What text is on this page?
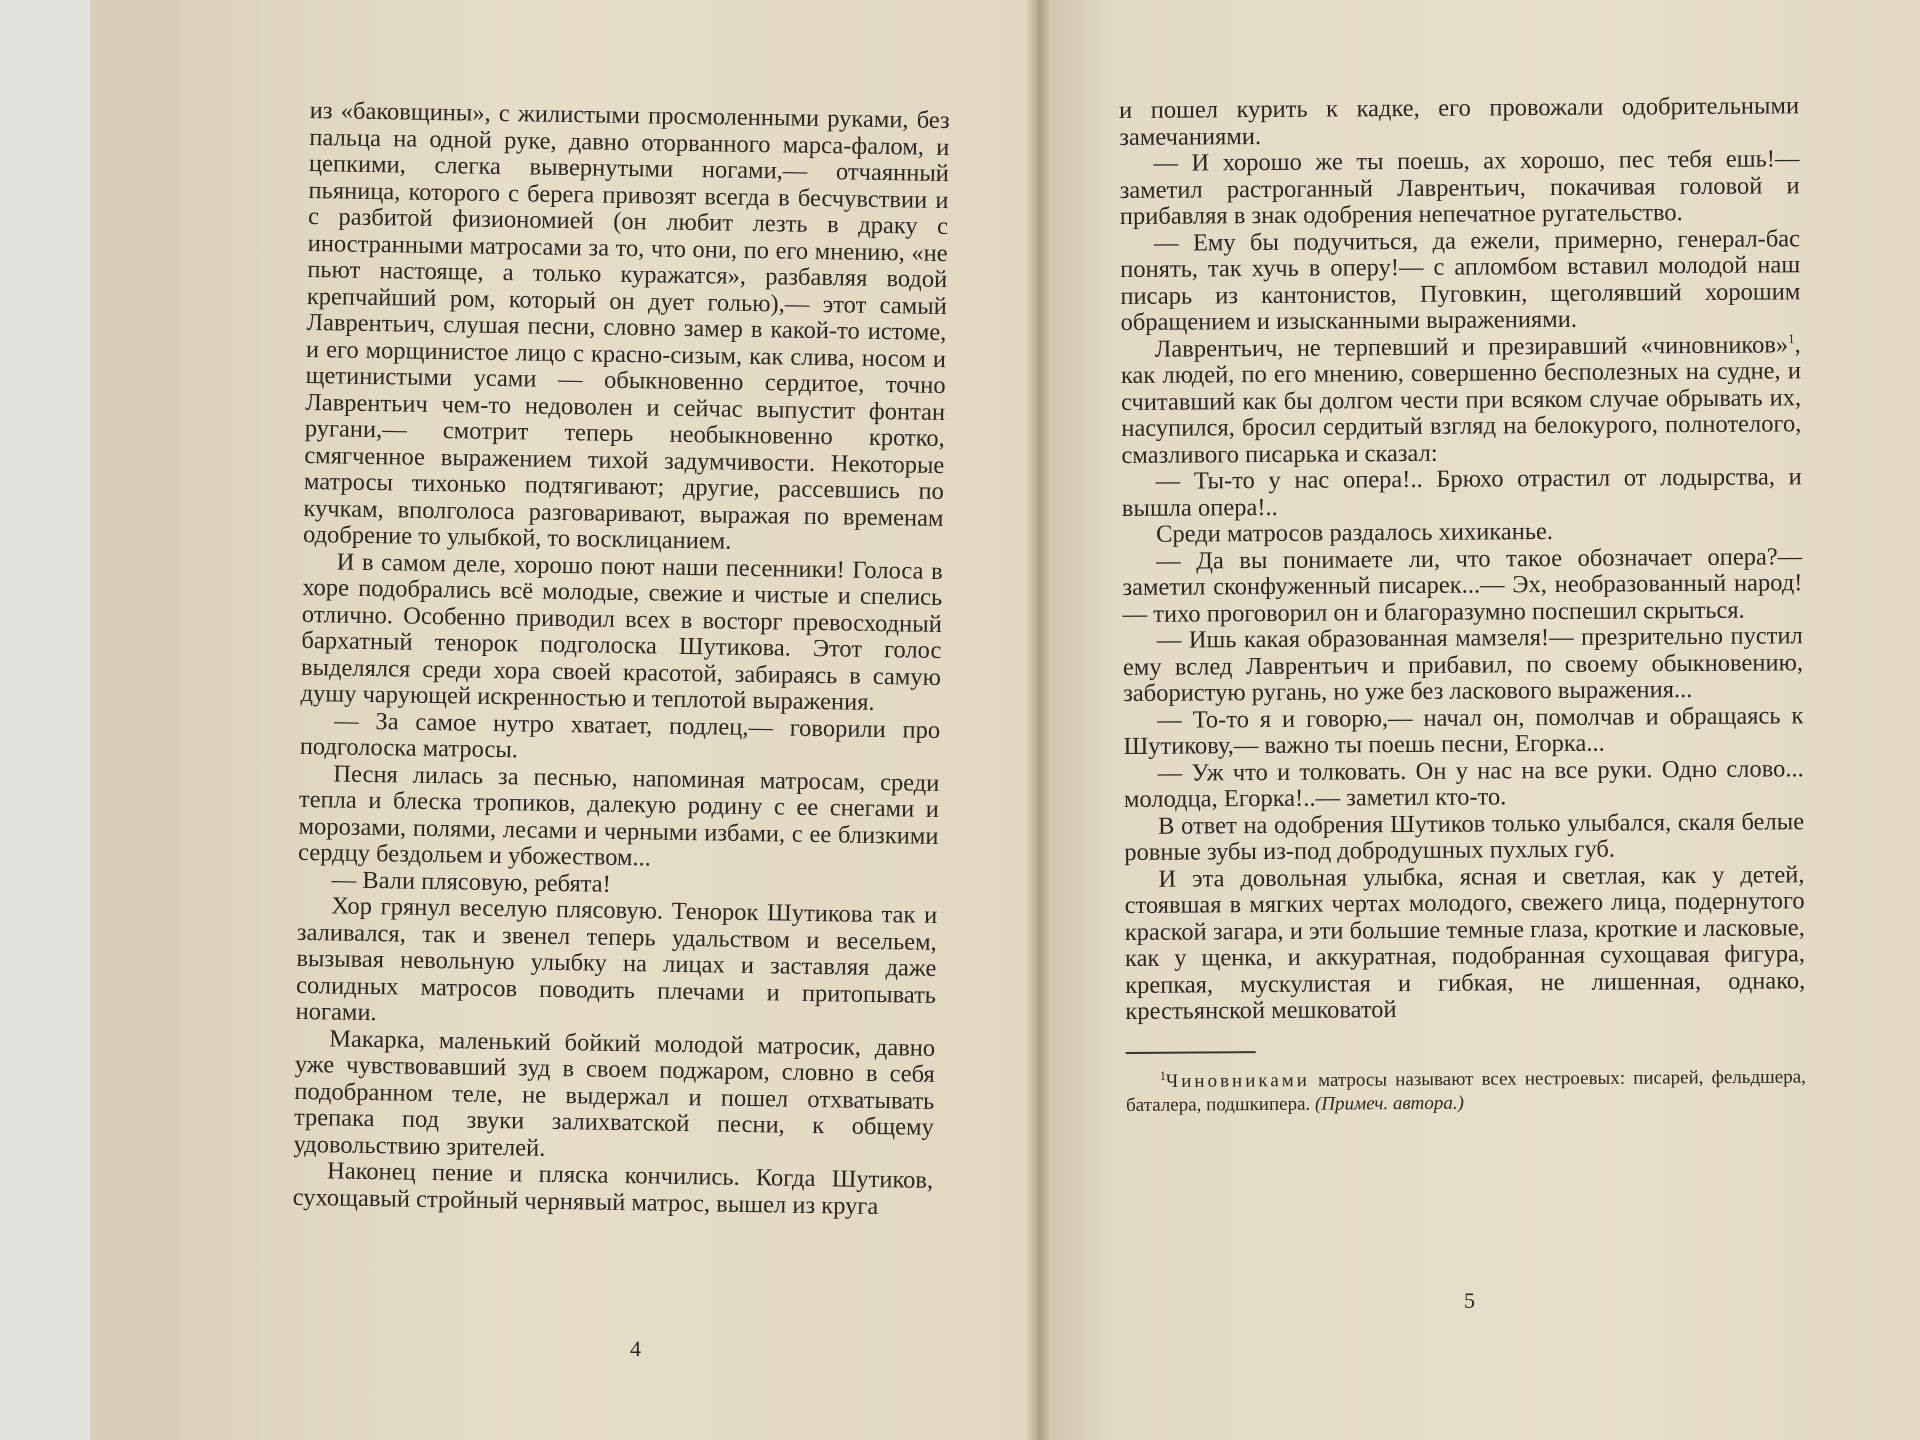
из «баковщины», с жилистыми просмоленными руками, без пальца на одной руке, давно оторванного марса-фалом, и цепкими, слегка вывернутыми ногами,— отчаянный пьяница, которого с берега привозят всегда в бесчувствии и с разбитой физиономией (он любит лезть в драку с иностранными матросами за то, что они, по его мнению, «не пьют настояще, а только куражатся», разбавляя водой крепчайший ром, который он дует голью),— этот самый Лаврентьич, слушая песни, словно замер в какой-то истоме, и его морщинистое лицо с красно-сизым, как слива, носом и щетинистыми усами — обыкновенно сердитое, точно Лаврентьич чем-то недоволен и сейчас выпустит фонтан ругани,— смотрит теперь необыкновенно кротко, смягченное выражением тихой задумчивости. Некоторые матросы тихонько подтягивают; другие, рассевшись по кучкам, вполголоса разговаривают, выражая по временам одобрение то улыбкой, то восклицанием.

И в самом деле, хорошо поют наши песенники! Голоса в хоре подобрались всё молодые, свежие и чистые и спелись отлично. Особенно приводил всех в восторг превосходный бархатный тенорок подголоска Шутикова. Этот голос выделялся среди хора своей красотой, забираясь в самую душу чарующей искренностью и теплотой выражения.

— За самое нутро хватает, подлец,— говорили про подголоска матросы.

Песня лилась за песнью, напоминая матросам, среди тепла и блеска тропиков, далекую родину с ее снегами и морозами, полями, лесами и черными избами, с ее близкими сердцу бездольем и убожеством...

— Вали плясовую, ребята!

Хор грянул веселую плясовую. Тенорок Шутикова так и заливался, так и звенел теперь удальством и весельем, вызывая невольную улыбку на лицах и заставляя даже солидных матросов поводить плечами и притопывать ногами.

Макарка, маленький бойкий молодой матросик, давно уже чувствовавший зуд в своем поджаром, словно в себя подобранном теле, не выдержал и пошел отхватывать трепака под звуки залихватской песни, к общему удовольствию зрителей.

Наконец пение и пляска кончились. Когда Шутиков, сухощавый стройный чернявый матрос, вышел из круга

4

и пошел курить к кадке, его провожали одобрительными замечаниями.

— И хорошо же ты поешь, ах хорошо, пес тебя ешь!— заметил растроганный Лаврентьич, покачивая головой и прибавляя в знак одобрения непечатное ругательство.

— Ему бы подучиться, да ежели, примерно, генерал-бас понять, так хучь в оперу!— с апломбом вставил молодой наш писарь из кантонистов, Пуговкин, щеголявший хорошим обращением и изысканными выражениями.

Лаврентьич, не терпевший и презиравший «чиновников»$^1$, как людей, по его мнению, совершенно бесполезных на судне, и считавший как бы долгом чести при всяком случае обрывать их, насупился, бросил сердитый взгляд на белокурого, полнотелого, смазливого писарька и сказал:

— Ты-то у нас опера!.. Брюхо отрастил от лодырства, и вышла опера!..

Среди матросов раздалось хихиканье.

— Да вы понимаете ли, что такое обозначает опера?— заметил сконфуженный писарек...— Эх, необразованный народ!— тихо проговорил он и благоразумно поспешил скрыться.

— Ишь какая образованная мамзеля!— презрительно пустил ему вслед Лаврентьич и прибавил, по своему обыкновению, забористую ругань, но уже без ласкового выражения...

— То-то я и говорю,— начал он, помолчав и обращаясь к Шутикову,— важно ты поешь песни, Егорка...

— Уж что и толковать. Он у нас на все руки. Одно слово... молодца, Егорка!..— заметил кто-то.

В ответ на одобрения Шутиков только улыбался, скаля белые ровные зубы из-под добродушных пухлых губ.

И эта довольная улыбка, ясная и светлая, как у детей, стоявшая в мягких чертах молодого, свежего лица, подернутого краской загара, и эти большие темные глаза, кроткие и ласковые, как у щенка, и аккуратная, подобранная сухощавая фигура, крепкая, мускулистая и гибкая, не лишенная, однако, крестьянской мешковатой

$^1$Чиновниками матросы называют всех нестроевых: писарей, фельдшера, баталера, подшкипера. (Примеч. автора.)

5
